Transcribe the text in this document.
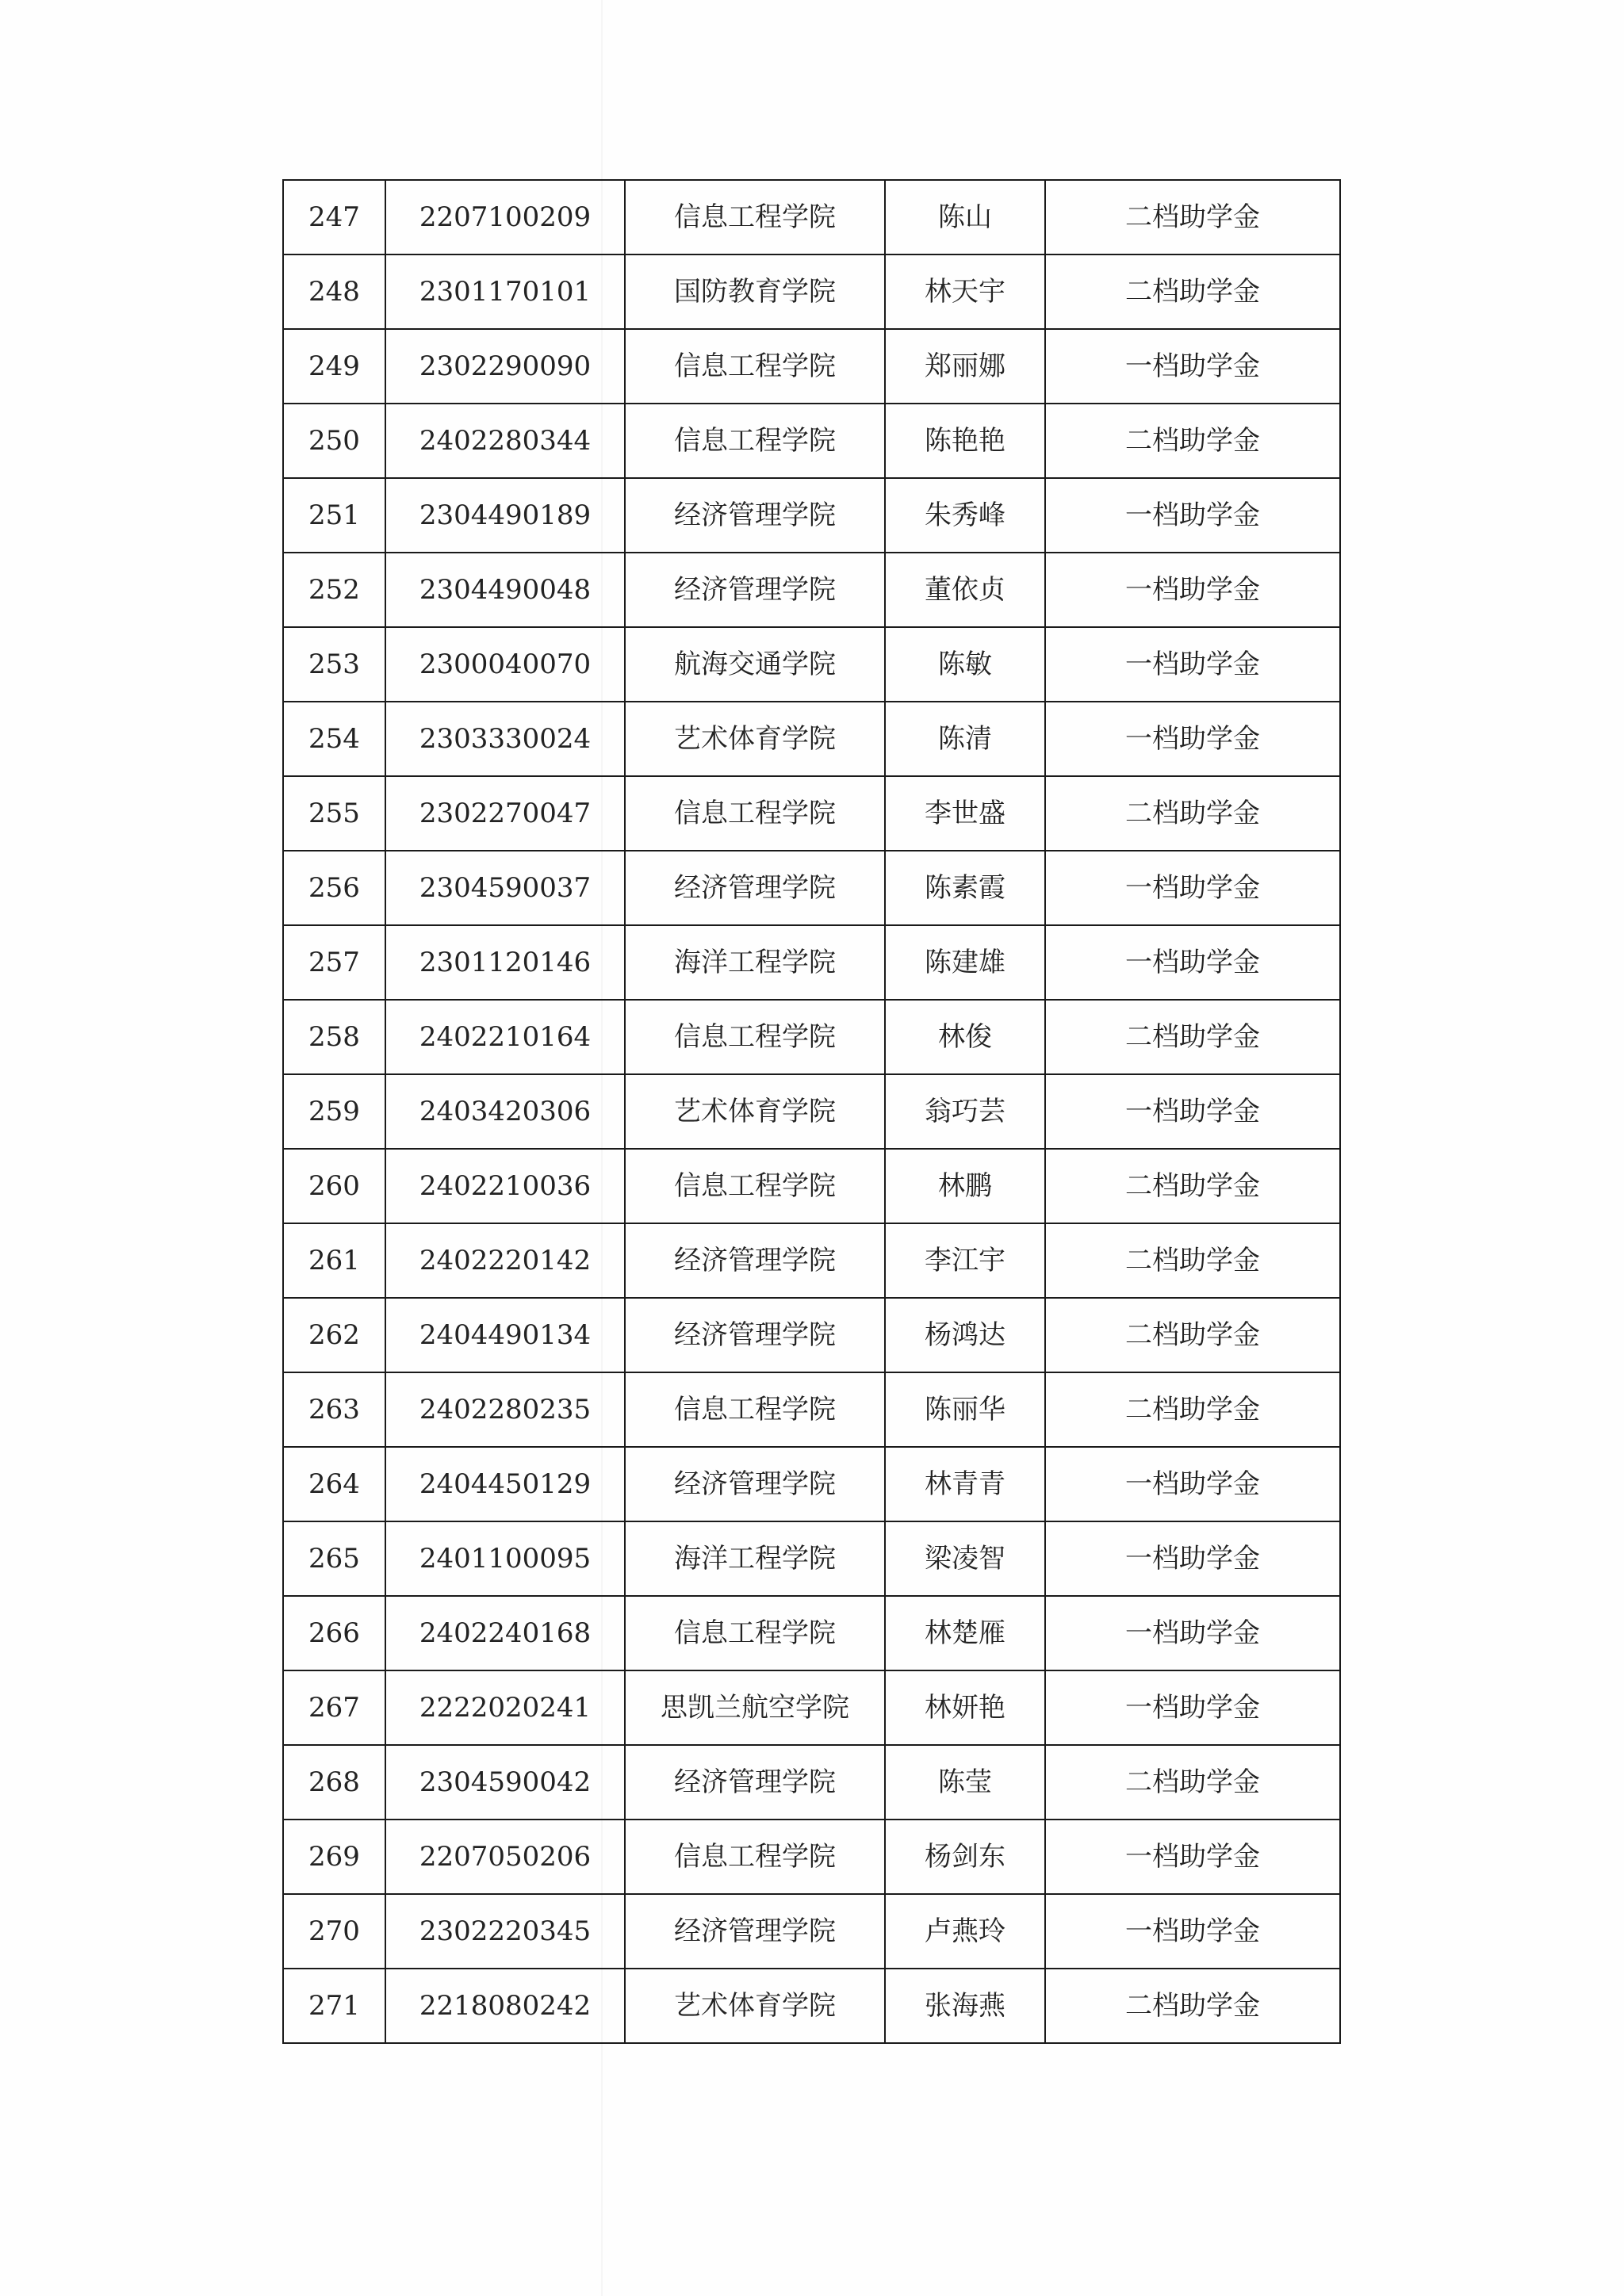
247	2207100209	信息工程学院	陈山	二档助学金
248	2301170101	国防教育学院	林天宇	二档助学金
249	2302290090	信息工程学院	郑丽娜	一档助学金
250	2402280344	信息工程学院	陈艳艳	二档助学金
251	2304490189	经济管理学院	朱秀峰	一档助学金
252	2304490048	经济管理学院	董依贞	一档助学金
253	2300040070	航海交通学院	陈敏	一档助学金
254	2303330024	艺术体育学院	陈清	一档助学金
255	2302270047	信息工程学院	李世盛	二档助学金
256	2304590037	经济管理学院	陈素霞	一档助学金
257	2301120146	海洋工程学院	陈建雄	一档助学金
258	2402210164	信息工程学院	林俊	二档助学金
259	2403420306	艺术体育学院	翁巧芸	一档助学金
260	2402210036	信息工程学院	林鹏	二档助学金
261	2402220142	经济管理学院	李江宇	二档助学金
262	2404490134	经济管理学院	杨鸿达	二档助学金
263	2402280235	信息工程学院	陈丽华	二档助学金
264	2404450129	经济管理学院	林青青	一档助学金
265	2401100095	海洋工程学院	梁凌智	一档助学金
266	2402240168	信息工程学院	林楚雁	一档助学金
267	2222020241	思凯兰航空学院	林妍艳	一档助学金
268	2304590042	经济管理学院	陈莹	二档助学金
269	2207050206	信息工程学院	杨剑东	一档助学金
270	2302220345	经济管理学院	卢燕玲	一档助学金
271	2218080242	艺术体育学院	张海燕	二档助学金
